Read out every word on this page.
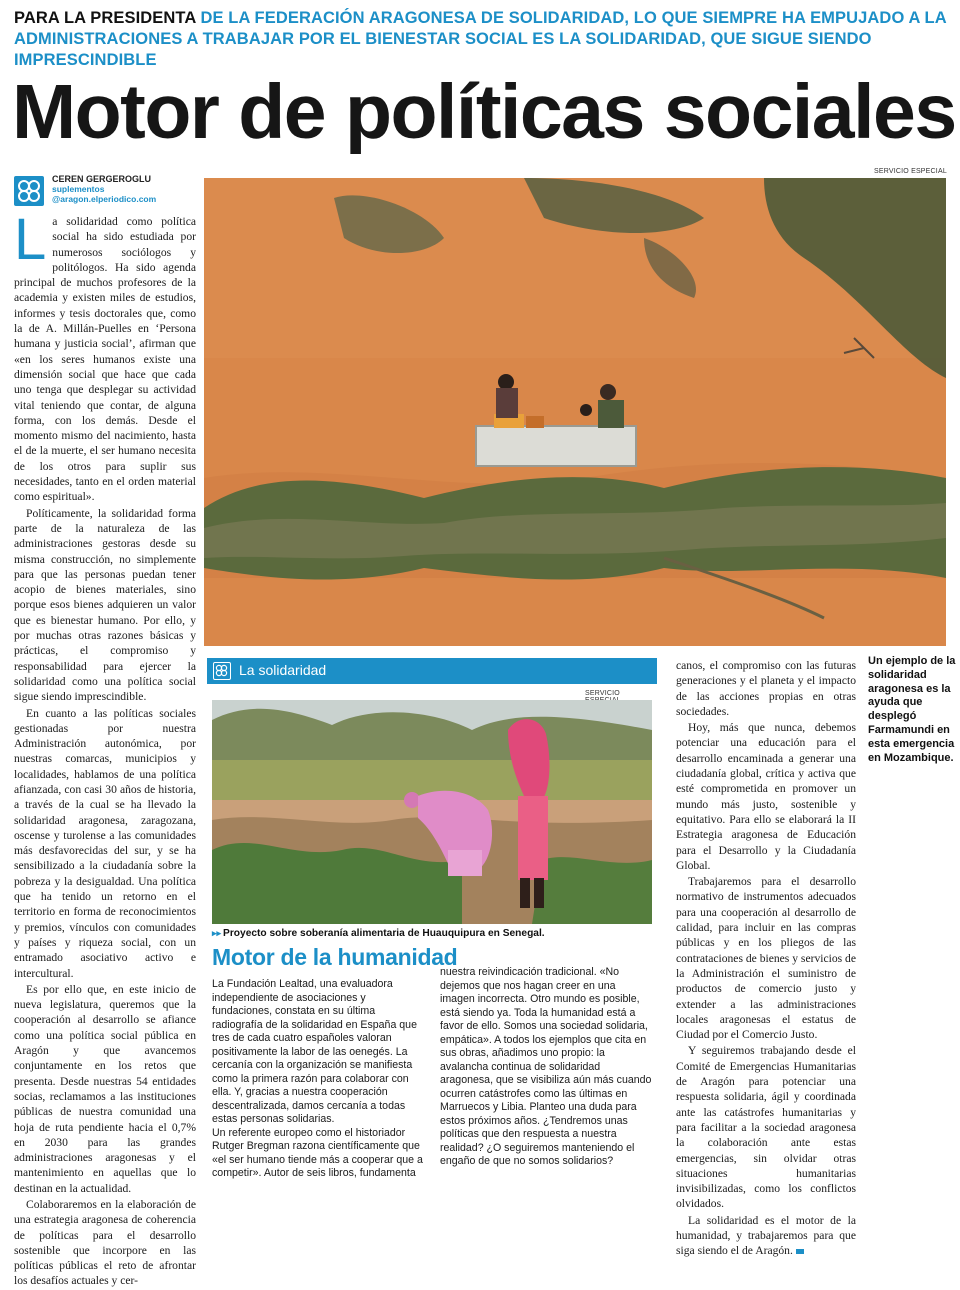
PARA LA PRESIDENTA DE LA FEDERACIÓN ARAGONESA DE SOLIDARIDAD, LO QUE SIEMPRE HA EMPUJADO A LA ADMINISTRACIONES A TRABAJAR POR EL BIENESTAR SOCIAL ES LA SOLIDARIDAD, QUE SIGUE SIENDO IMPRESCINDIBLE
Motor de políticas sociales
CEREN GERGEROGLU
suplementos
@aragon.elperiodico.com

La solidaridad como política social ha sido estudiada por numerosos sociólogos y politólogos. Ha sido agenda principal de muchos profesores de la academia y existen miles de estudios, informes y tesis doctorales que, como la de A. Millán-Puelles en ‘Persona humana y justicia social’, afirman que «en los seres humanos existe una dimensión social que hace que cada uno tenga que desplegar su actividad vital teniendo que contar, de alguna forma, con los demás. Desde el momento mismo del nacimiento, hasta el de la muerte, el ser humano necesita de los otros para suplir sus necesidades, tanto en el orden material como espiritual».

Políticamente, la solidaridad forma parte de la naturaleza de las administraciones gestoras desde su misma construcción, no simplemente para que las personas puedan tener acopio de bienes materiales, sino porque esos bienes adquieren un valor que es bienestar humano. Por ello, y por muchas otras razones básicas y prácticas, el compromiso y responsabilidad para ejercer la solidaridad como una política social sigue siendo imprescindible.

En cuanto a las políticas sociales gestionadas por nuestra Administración autonómica, por nuestras comarcas, municipios y localidades, hablamos de una política afianzada, con casi 30 años de historia, a través de la cual se ha llevado la solidaridad aragonesa, zaragozana, oscense y turolense a las comunidades más desfavorecidas del sur, y se ha sensibilizado a la ciudadanía sobre la pobreza y la desigualdad. Una política que ha tenido un retorno en el territorio en forma de reconocimientos y premios, vínculos con comunidades y países y riqueza social, con un entramado asociativo activo e intercultural.

Es por ello que, en este inicio de nueva legislatura, queremos que la cooperación al desarrollo se afiance como una política social pública en Aragón y que avancemos conjuntamente en los retos que presenta. Desde nuestras 54 entidades socias, reclamamos a las instituciones públicas de nuestra comunidad una hoja de ruta pendiente hacia el 0,7% en 2030 para las grandes administraciones aragonesas y el mantenimiento en aquellas que lo destinan en la actualidad.

Colaboraremos en la elaboración de una estrategia aragonesa de coherencia de políticas para el desarrollo sostenible que incorpore en las políticas públicas el reto de afrontar los desafíos actuales y cer-

SERVICIO ESPECIAL
Un ejemplo de la solidaridad aragonesa es la ayuda que desplegó Farmamundi en esta emergencia en Mozambique.
La solidaridad
SERVICIO
▸▸ Proyecto sobre soberanía alimentaria de Huauquipura en Senegal.
Motor de la humanidad

La Fundación Lealtad, una evaluadora independiente de asociaciones y fundaciones, constata en su última radiografía de la solidaridad en España que tres de cada cuatro españoles valoran positivamente la labor de las oenegés. La cercanía con la organización se manifiesta como la primera razón para colaborar con ella. Y, gracias a nuestra cooperación descentralizada, damos cercanía a todas estas personas solidarias.

Un referente europeo como el historiador Rutger Bregman razona científicamente que «el ser humano tiende más a cooperar que a competir». Autor de seis libros, fundamenta

nuestra reivindicación tradicional. «No dejemos que nos hagan creer en una imagen incorrecta. Otro mundo es posible, está siendo ya. Toda la humanidad está a favor de ello. Somos una sociedad solidaria, empática». A todos los ejemplos que cita en sus obras, añadimos uno propio: la avalancha continua de solidaridad aragonesa, que se visibiliza aún más cuando ocurren catástrofes como las últimas en Marruecos y Libia. Planteo una duda para estos próximos años. ¿Tendremos unas políticas que den respuesta a nuestra realidad? ¿O seguiremos manteniendo el engaño de que no somos solidarios?

canos, el compromiso con las futuras generaciones y el planeta y el impacto de las acciones propias en otras sociedades.

Hoy, más que nunca, debemos potenciar una educación para el desarrollo encaminada a generar una ciudadanía global, crítica y activa que esté comprometida en promover un mundo más justo, sostenible y equitativo. Para ello se elaborará la II Estrategia aragonesa de Educación para el Desarrollo y la Ciudadanía Global.

Trabajaremos para el desarrollo normativo de instrumentos adecuados para una cooperación al desarrollo de calidad, para incluir en las compras públicas y en los pliegos de las contrataciones de bienes y servicios de la Administración el suministro de productos de comercio justo y extender a las administraciones locales aragonesas el estatus de Ciudad por el Comercio Justo.

Y seguiremos trabajando desde el Comité de Emergencias Humanitarias de Aragón para potenciar una respuesta solidaria, ágil y coordinada ante las catástrofes humanitarias y para facilitar a la sociedad aragonesa la colaboración ante estas emergencias, sin olvidar otras situaciones humanitarias invisibilizadas, como los conflictos olvidados.

La solidaridad es el motor de la humanidad, y trabajaremos para que siga siendo el de Aragón.
